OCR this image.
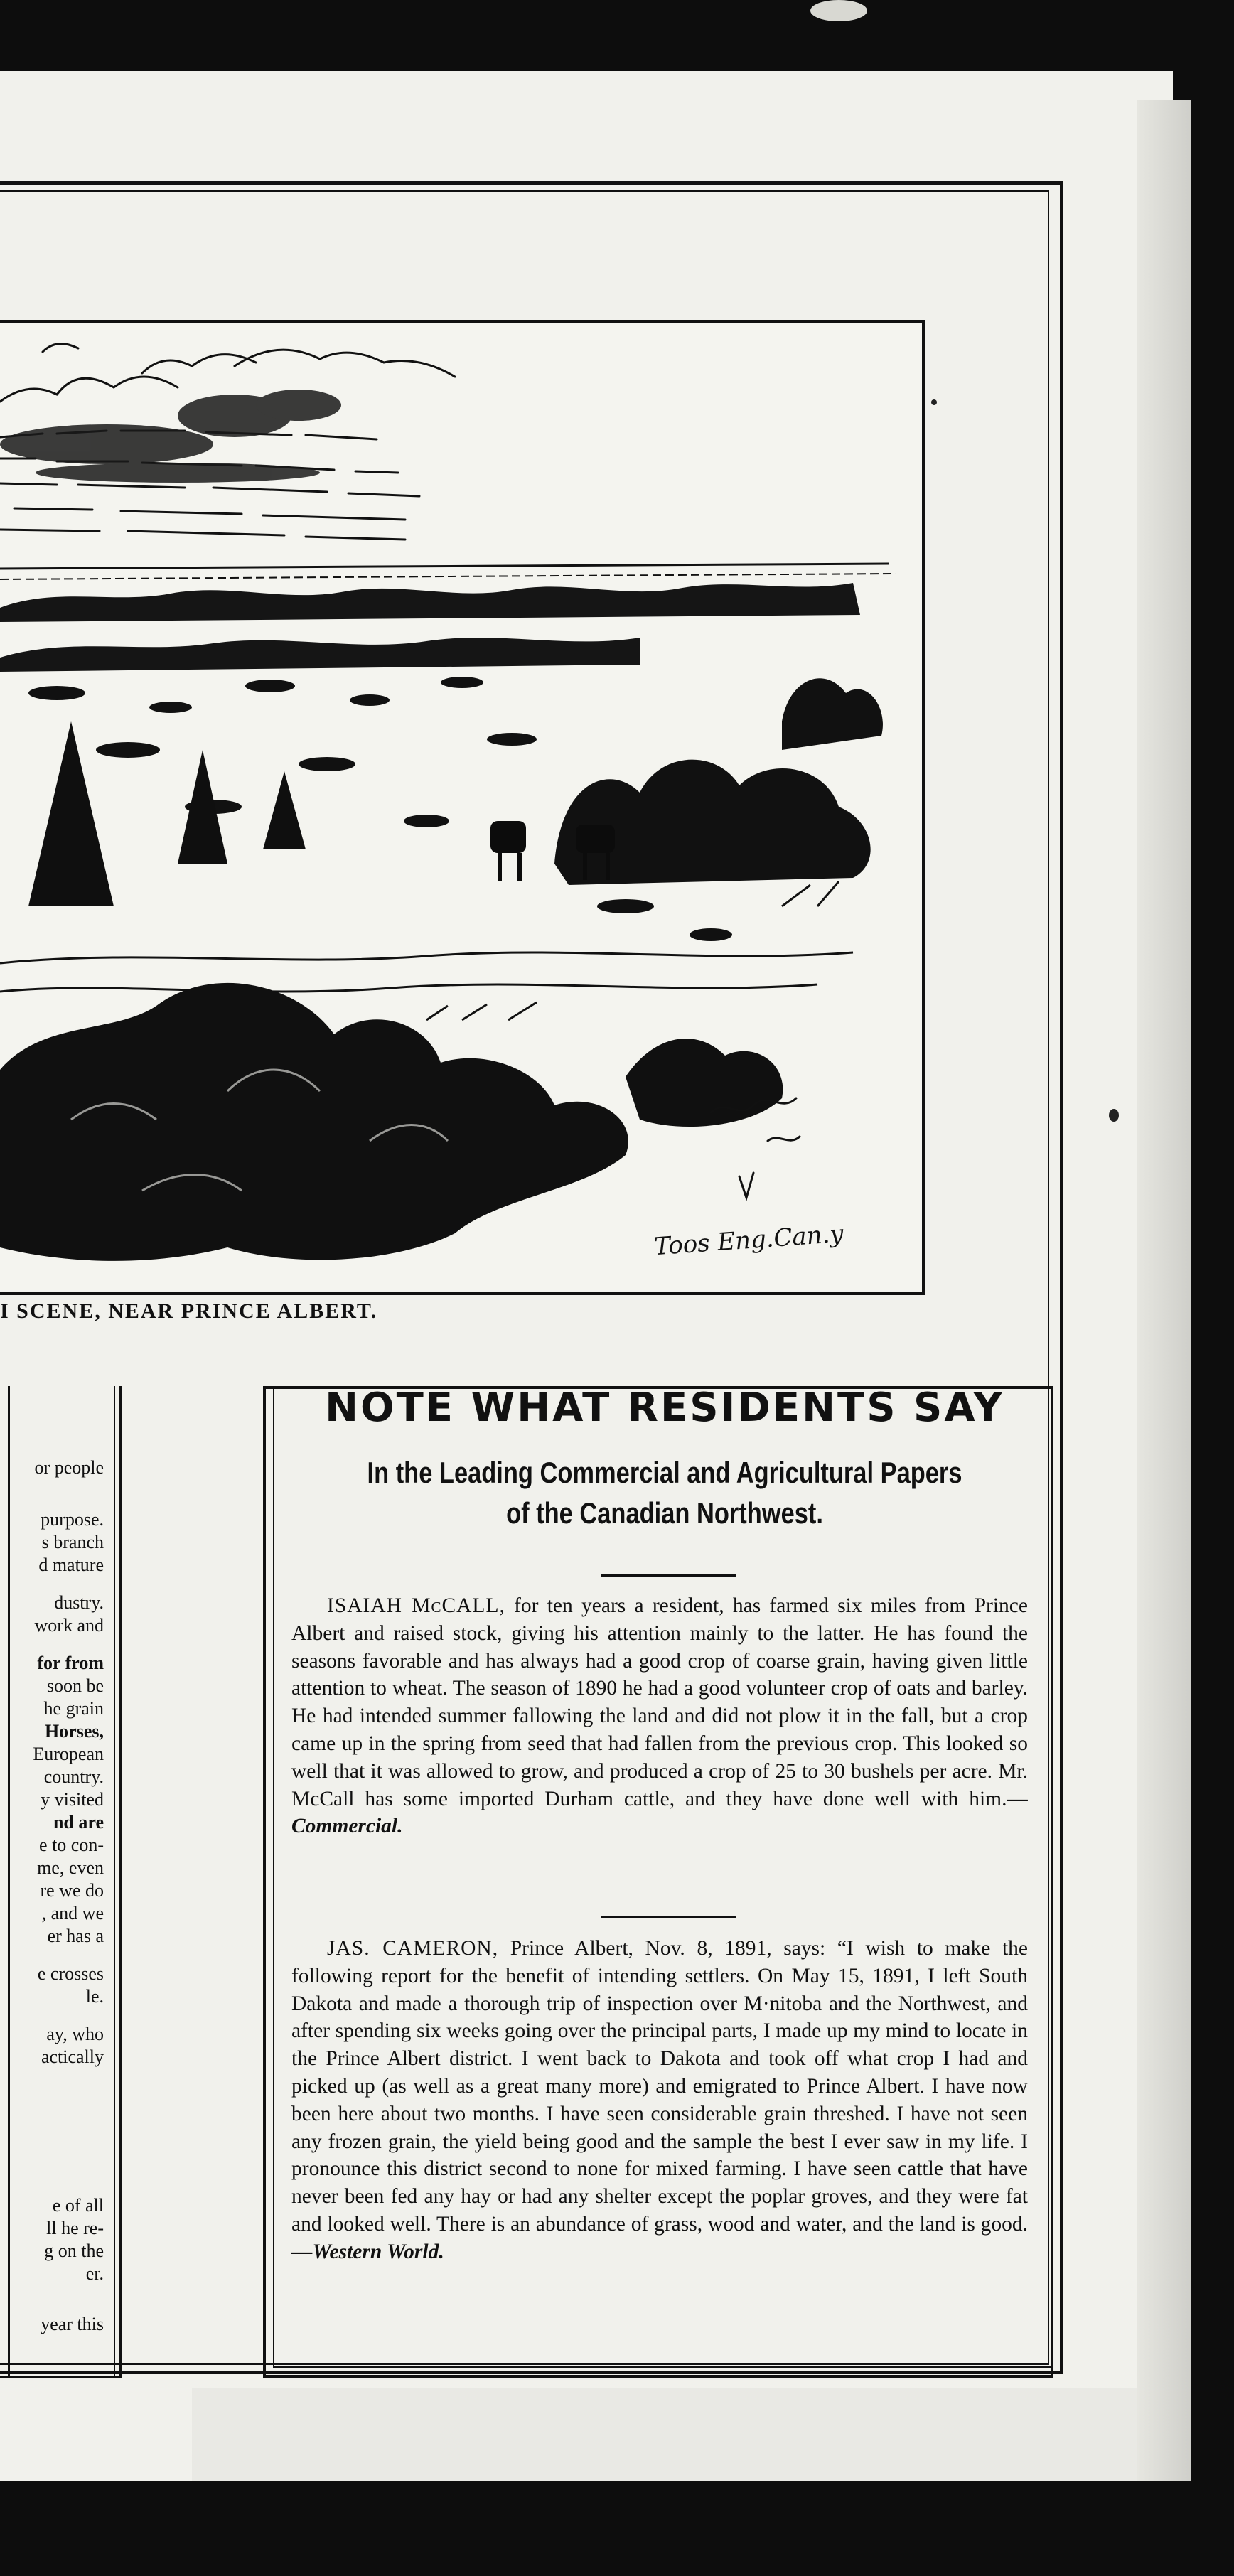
Toos Eng.Can.y
I SCENE, NEAR PRINCE ALBERT.
or people
purpose.
s branch
d mature
dustry.
work and
for from
soon be
he grain
Horses,
European
country.
y visited
nd are
e to con-
me, even
re we do
, and we
er has a
e crosses
le.
ay, who
actically
e of all
ll he re-
g on the
er.
year this
NOTE WHAT RESIDENTS SAY
In the Leading Commercial and Agricultural Papers
of the Canadian Northwest.

ISAIAH McCALL, for ten years a resident, has farmed six miles from Prince Albert and raised stock, giving his attention mainly to the latter. He has found the seasons favorable and has always had a good crop of coarse grain, having given little attention to wheat. The season of 1890 he had a good volunteer crop of oats and barley. He had intended summer fallowing the land and did not plow it in the fall, but a crop came up in the spring from seed that had fallen from the previous crop. This looked so well that it was allowed to grow, and produced a crop of 25 to 30 bushels per acre. Mr. McCall has some imported Durham cattle, and they have done well with him.—Commercial.

JAS. CAMERON, Prince Albert, Nov. 8, 1891, says: “I wish to make the following report for the benefit of intending settlers. On May 15, 1891, I left South Dakota and made a thorough trip of inspection over M·nitoba and the Northwest, and after spending six weeks going over the principal parts, I made up my mind to locate in the Prince Albert district. I went back to Dakota and took off what crop I had and picked up (as well as a great many more) and emigrated to Prince Albert. I have now been here about two months. I have seen considerable grain threshed. I have not seen any frozen grain, the yield being good and the sample the best I ever saw in my life. I pronounce this district second to none for mixed farming. I have seen cattle that have never been fed any hay or had any shelter except the poplar groves, and they were fat and looked well. There is an abundance of grass, wood and water, and the land is good.—Western World.
